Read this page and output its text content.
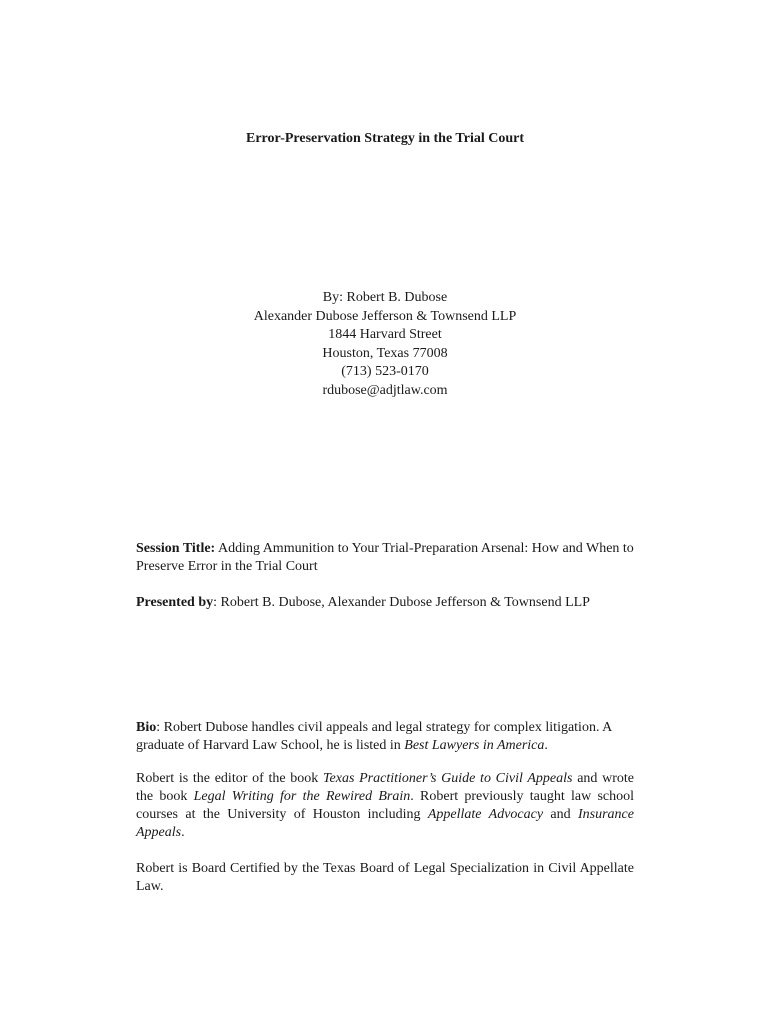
Error-Preservation Strategy in the Trial Court
By: Robert B. Dubose
Alexander Dubose Jefferson & Townsend LLP
1844 Harvard Street
Houston, Texas 77008
(713) 523-0170
rdubose@adjtlaw.com
Session Title: Adding Ammunition to Your Trial-Preparation Arsenal: How and When to Preserve Error in the Trial Court
Presented by: Robert B. Dubose, Alexander Dubose Jefferson & Townsend LLP
Bio: Robert Dubose handles civil appeals and legal strategy for complex litigation. A graduate of Harvard Law School, he is listed in Best Lawyers in America.
Robert is the editor of the book Texas Practitioner’s Guide to Civil Appeals and wrote the book Legal Writing for the Rewired Brain. Robert previously taught law school courses at the University of Houston including Appellate Advocacy and Insurance Appeals.
Robert is Board Certified by the Texas Board of Legal Specialization in Civil Appellate Law.
